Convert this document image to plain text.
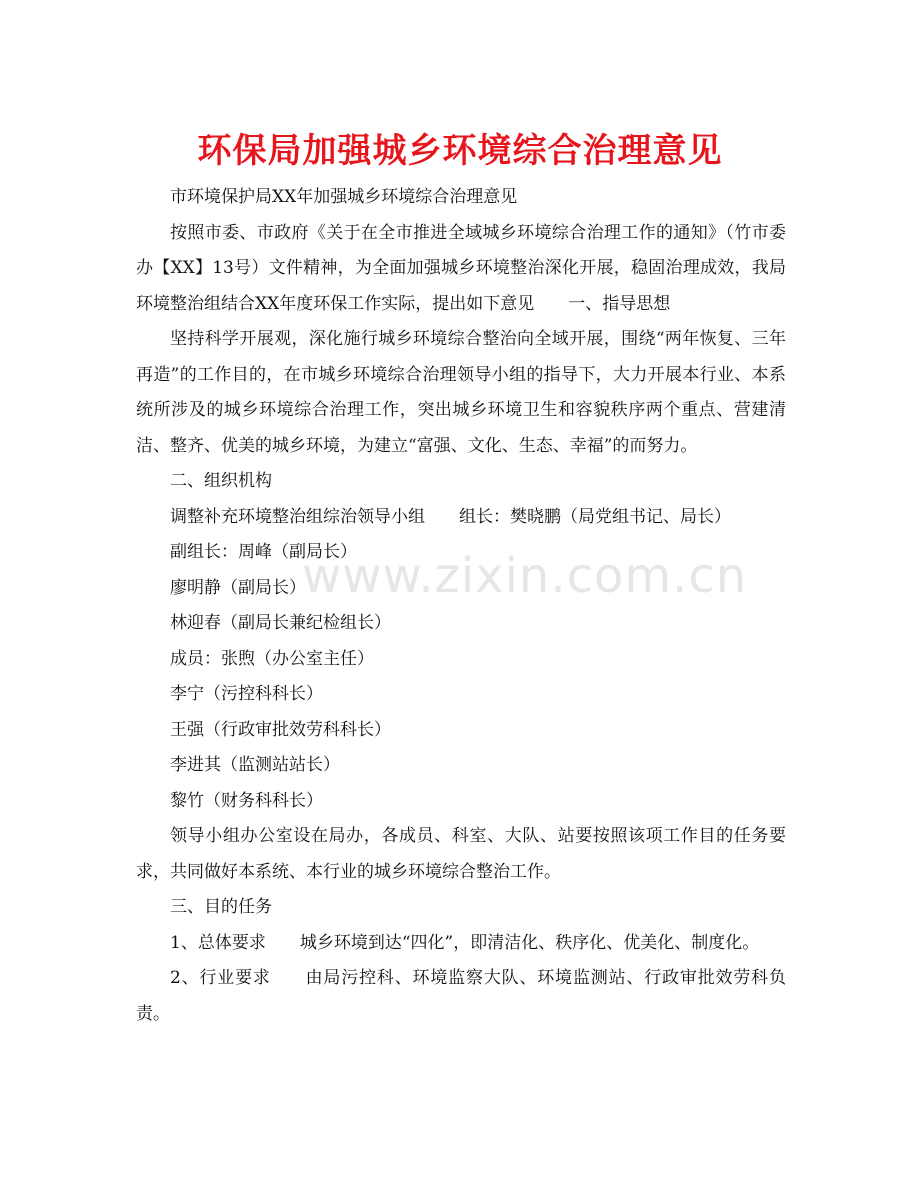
环保局加强城乡环境综合治理意见

市环境保护局XX年加强城乡环境综合治理意见

按照市委、市政府《关于在全市推进全域城乡环境综合治理工作的通知》（竹市委办【XX】13号）文件精神，为全面加强城乡环境整治深化开展，稳固治理成效，我局环境整治组结合XX年度环保工作实际，提出如下意见 一、指导思想

坚持科学开展观，深化施行城乡环境综合整治向全域开展，围绕“两年恢复、三年再造”的工作目的，在市城乡环境综合治理领导小组的指导下，大力开展本行业、本系统所涉及的城乡环境综合治理工作，突出城乡环境卫生和容貌秩序两个重点、营建清洁、整齐、优美的城乡环境，为建立“富强、文化、生态、幸福”的而努力。

二、组织机构

调整补充环境整治组综治领导小组 组长：樊晓鹏（局党组书记、局长）

副组长：周峰（副局长）

廖明静（副局长）

林迎春（副局长兼纪检组长）

成员：张煦（办公室主任）

李宁（污控科科长）

王强（行政审批效劳科科长）

李进其（监测站站长）

黎竹（财务科科长）

领导小组办公室设在局办，各成员、科室、大队、站要按照该项工作目的任务要求，共同做好本系统、本行业的城乡环境综合整治工作。

三、目的任务

1、总体要求 城乡环境到达“四化”，即清洁化、秩序化、优美化、制度化。

2、行业要求 由局污控科、环境监察大队、环境监测站、行政审批效劳科负责。

www.zixin.com.cn
